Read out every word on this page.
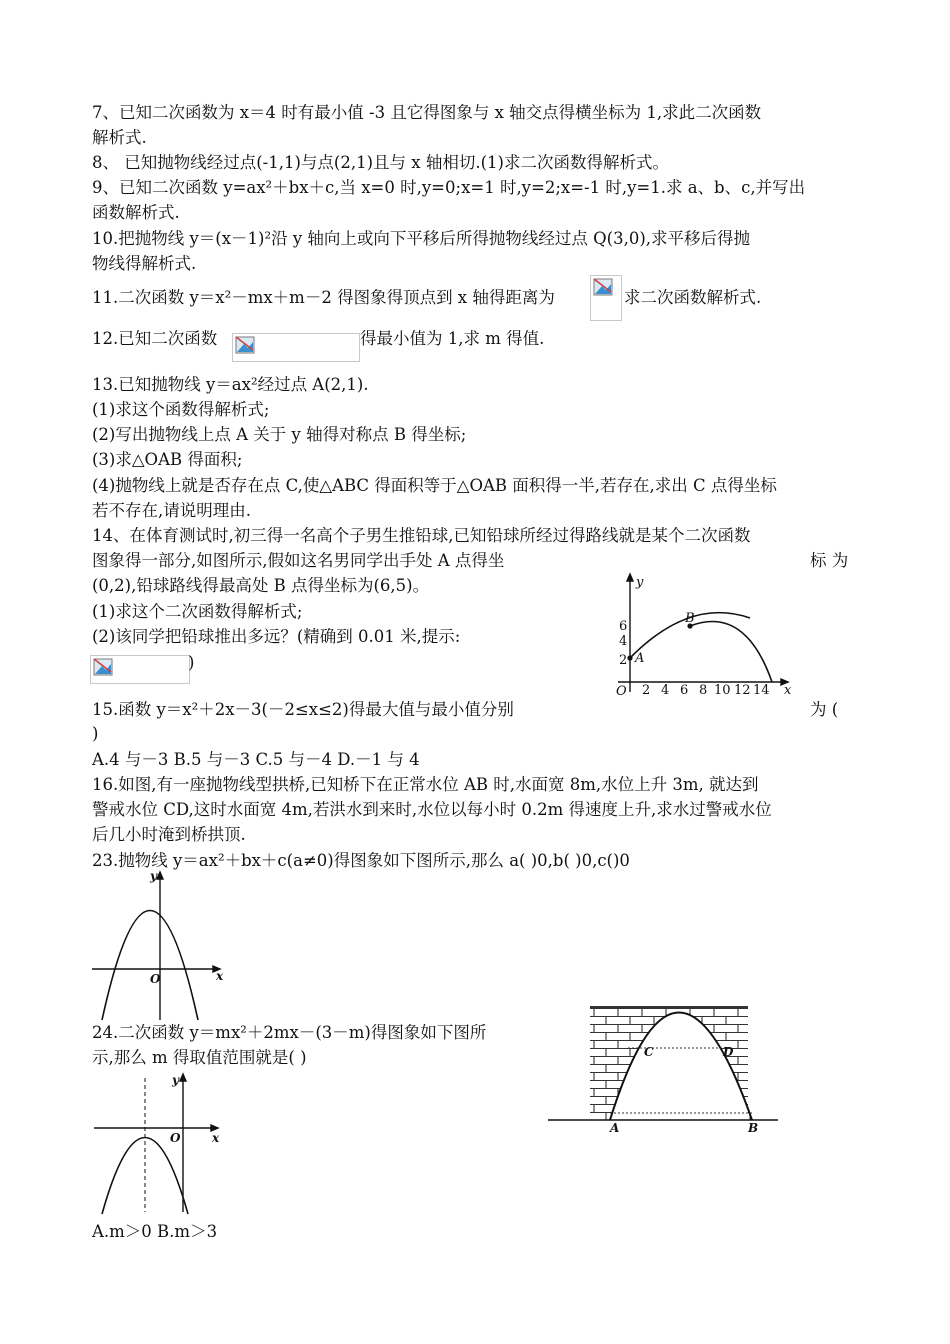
7、已知二次函数为 x＝4 时有最小值 -3 且它得图象与 x 轴交点得横坐标为 1,求此二次函数
解析式.
8、 已知抛物线经过点(-1,1)与点(2,1)且与 x 轴相切.(1)求二次函数得解析式。
9、已知二次函数 y=ax²＋bx＋c,当 x=0 时,y=0;x=1 时,y=2;x=-1 时,y=1.求 a、b、c,并写出
函数解析式.
10.把抛物线 y＝(x－1)²沿 y 轴向上或向下平移后所得抛物线经过点 Q(3,0),求平移后得抛
物线得解析式.
11.二次函数 y＝x²－mx＋m－2 得图象得顶点到 x 轴得距离为	求二次函数解析式.
12.已知二次函数	得最小值为 1,求 m 得值.
13.已知抛物线 y＝ax²经过点 A(2,1).
(1)求这个函数得解析式;
(2)写出抛物线上点 A 关于 y 轴得对称点 B 得坐标;
(3)求△OAB 得面积;
(4)抛物线上就是否存在点 C,使△ABC 得面积等于△OAB 面积得一半,若存在,求出 C 点得坐标
若不存在,请说明理由.
14、在体育测试时,初三得一名高个子男生推铅球,已知铅球所经过得路线就是某个二次函数
图象得一部分,如图所示,假如这名男同学出手处 A 点得坐	标 为
(0,2),铅球路线得最高处 B 点得坐标为(6,5)。
(1)求这个二次函数得解析式;
(2)该同学把铅球推出多远？(精确到 0.01 米,提示:
)
y
x
O
A
B
2
4
6
2 4 6 8 10 12 14
15.函数 y＝x²＋2x－3(－2≤x≤2)得最大值与最小值分别	为 (
)
A.4 与－3 B.5 与－3 C.5 与－4 D.－1 与 4
16.如图,有一座抛物线型拱桥,已知桥下在正常水位 AB 时,水面宽 8m,水位上升 3m, 就达到
警戒水位 CD,这时水面宽 4m,若洪水到来时,水位以每小时 0.2m 得速度上升,求水过警戒水位
后几小时淹到桥拱顶.
23.抛物线 y＝ax²＋bx＋c(a≠0)得图象如下图所示,那么 a( )0,b( )0,c()0
y
x
O
24.二次函数 y＝mx²＋2mx－(3－m)得图象如下图所
示,那么 m 得取值范围就是( )
y
x
O
A.m＞0 B.m＞3
A	B
C	D
